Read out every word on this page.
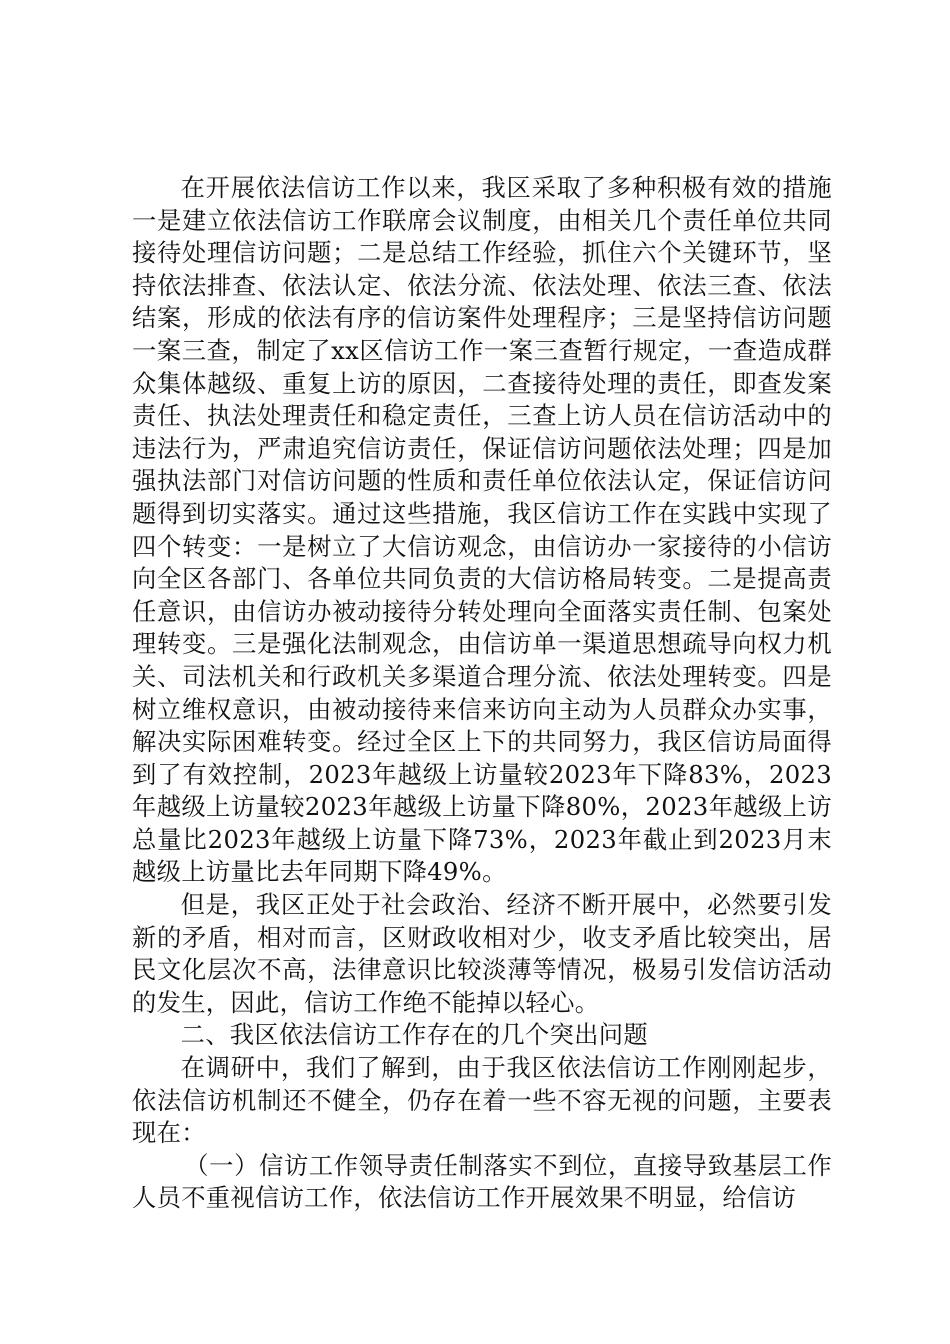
在开展依法信访工作以来，我区采取了多种积极有效的措施一是建立依法信访工作联席会议制度，由相关几个责任单位共同接待处理信访问题；二是总结工作经验，抓住六个关键环节，坚持依法排查、依法认定、依法分流、依法处理、依法三查、依法结案，形成的依法有序的信访案件处理程序；三是坚持信访问题一案三查，制定了xx区信访工作一案三查暂行规定，一查造成群众集体越级、重复上访的原因，二查接待处理的责任，即查发案责任、执法处理责任和稳定责任，三查上访人员在信访活动中的违法行为，严肃追究信访责任，保证信访问题依法处理；四是加强执法部门对信访问题的性质和责任单位依法认定，保证信访问题得到切实落实。通过这些措施，我区信访工作在实践中实现了四个转变：一是树立了大信访观念，由信访办一家接待的小信访向全区各部门、各单位共同负责的大信访格局转变。二是提高责任意识，由信访办被动接待分转处理向全面落实责任制、包案处理转变。三是强化法制观念，由信访单一渠道思想疏导向权力机关、司法机关和行政机关多渠道合理分流、依法处理转变。四是树立维权意识，由被动接待来信来访向主动为人员群众办实事，解决实际困难转变。经过全区上下的共同努力，我区信访局面得到了有效控制，2023年越级上访量较2023年下降83%，2023年越级上访量较2023年越级上访量下降80%，2023年越级上访总量比2023年越级上访量下降73%，2023年截止到2023月末越级上访量比去年同期下降49%。

但是，我区正处于社会政治、经济不断开展中，必然要引发新的矛盾，相对而言，区财政收相对少，收支矛盾比较突出，居民文化层次不高，法律意识比较淡薄等情况，极易引发信访活动的发生，因此，信访工作绝不能掉以轻心。

二、我区依法信访工作存在的几个突出问题

在调研中，我们了解到，由于我区依法信访工作刚刚起步，依法信访机制还不健全，仍存在着一些不容无视的问题，主要表现在：

（一）信访工作领导责任制落实不到位，直接导致基层工作人员不重视信访工作，依法信访工作开展效果不明显，给信访
